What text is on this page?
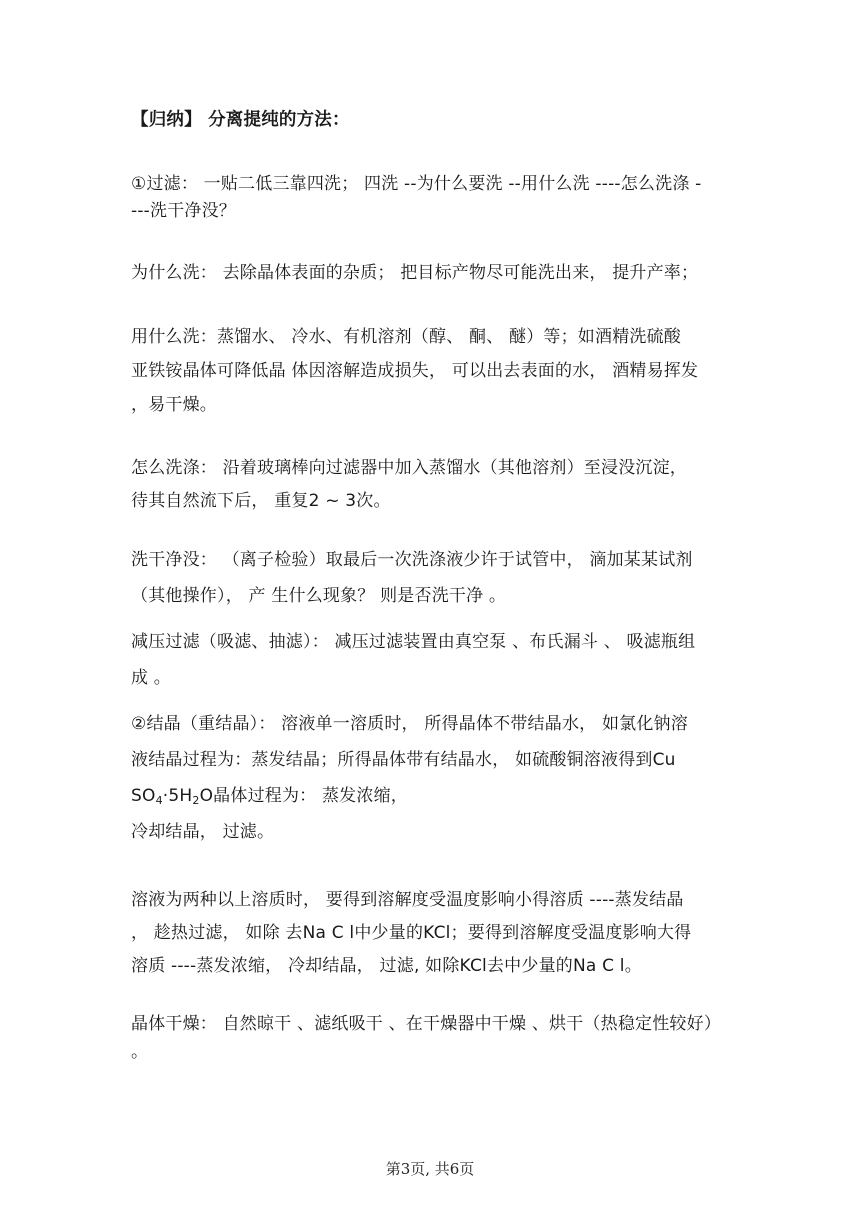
【归纳】 分离提纯的方法：
①过滤： 一贴二低三靠四洗； 四洗 --为什么要洗 --用什么洗 ----怎么洗涤 -
---洗干净没？
为什么洗： 去除晶体表面的杂质； 把目标产物尽可能洗出来， 提升产率；
用什么洗：蒸馏水、 冷水、有机溶剂（醇、 酮、 醚）等；如酒精洗硫酸
亚铁铵晶体可降低晶 体因溶解造成损失， 可以出去表面的水， 酒精易挥发
，易干燥。
怎么洗涤： 沿着玻璃棒向过滤器中加入蒸馏水（其他溶剂）至浸没沉淀，
待其自然流下后， 重复2 ~ 3次。
洗干净没： （离子检验）取最后一次洗涤液少许于试管中， 滴加某某试剂
（其他操作）， 产 生什么现象？ 则是否洗干净 。
减压过滤（吸滤、抽滤）： 减压过滤装置由真空泵 、布氏漏斗 、 吸滤瓶组
成 。
②结晶（重结晶）： 溶液单一溶质时， 所得晶体不带结晶水， 如氯化钠溶
液结晶过程为：蒸发结晶；所得晶体带有结晶水， 如硫酸铜溶液得到Cu
$SO_4\cdot 5H_2O$晶体过程为： 蒸发浓缩，
冷却结晶， 过滤。
溶液为两种以上溶质时， 要得到溶解度受温度影响小得溶质 ----蒸发结晶
， 趁热过滤， 如除 去Na C l中少量的KCl；要得到溶解度受温度影响大得
溶质 ----蒸发浓缩， 冷却结晶， 过滤, 如除KCl去中少量的Na C l。
晶体干燥： 自然晾干 、滤纸吸干 、在干燥器中干燥 、烘干（热稳定性较好）
。
第3页, 共6页
